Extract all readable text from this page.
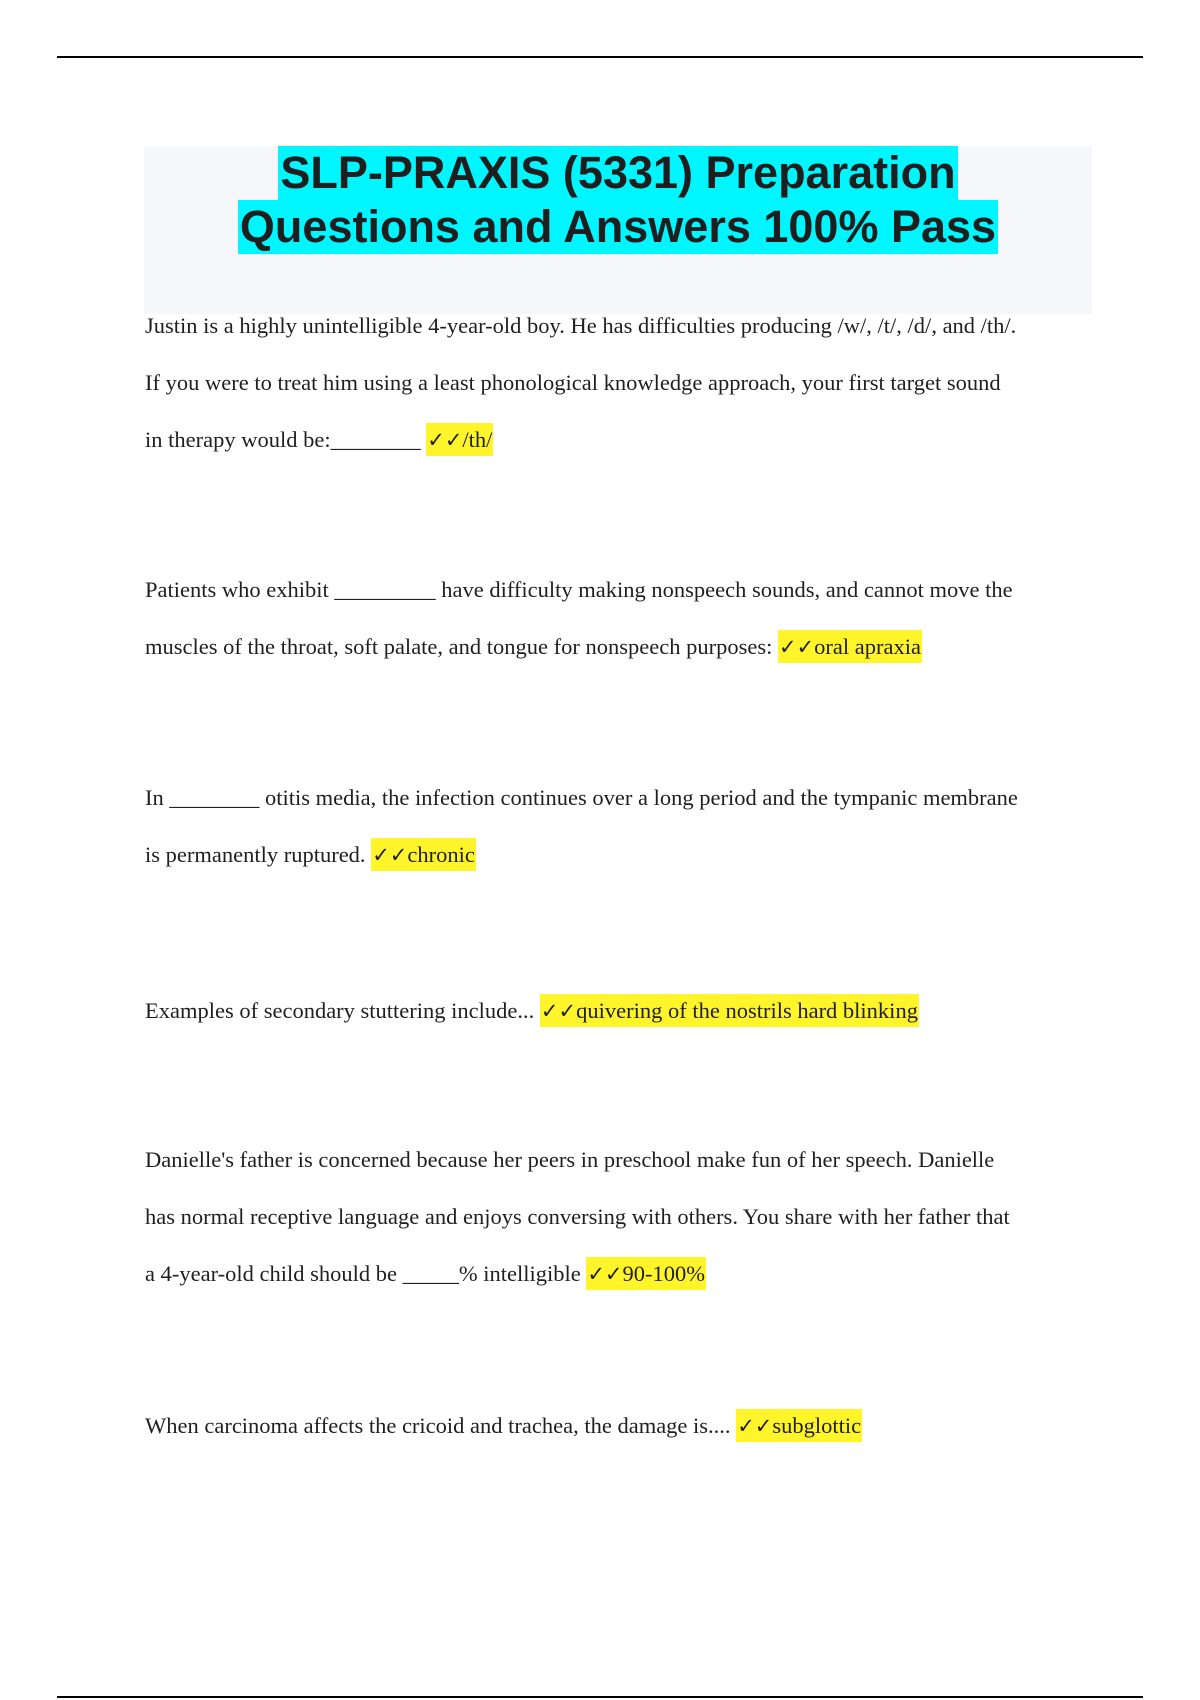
SLP-PRAXIS (5331) Preparation
Questions and Answers 100% Pass
Justin is a highly unintelligible 4-year-old boy. He has difficulties producing /w/, /t/, /d/, and /th/.
If you were to treat him using a least phonological knowledge approach, your first target sound
in therapy would be:________ ✓✓/th/
Patients who exhibit _________ have difficulty making nonspeech sounds, and cannot move the
muscles of the throat, soft palate, and tongue for nonspeech purposes: ✓✓oral apraxia
In ________ otitis media, the infection continues over a long period and the tympanic membrane
is permanently ruptured. ✓✓chronic
Examples of secondary stuttering include... ✓✓quivering of the nostrils hard blinking
Danielle's father is concerned because her peers in preschool make fun of her speech. Danielle
has normal receptive language and enjoys conversing with others. You share with her father that
a 4-year-old child should be _____% intelligible ✓✓90-100%
When carcinoma affects the cricoid and trachea, the damage is.... ✓✓subglottic
